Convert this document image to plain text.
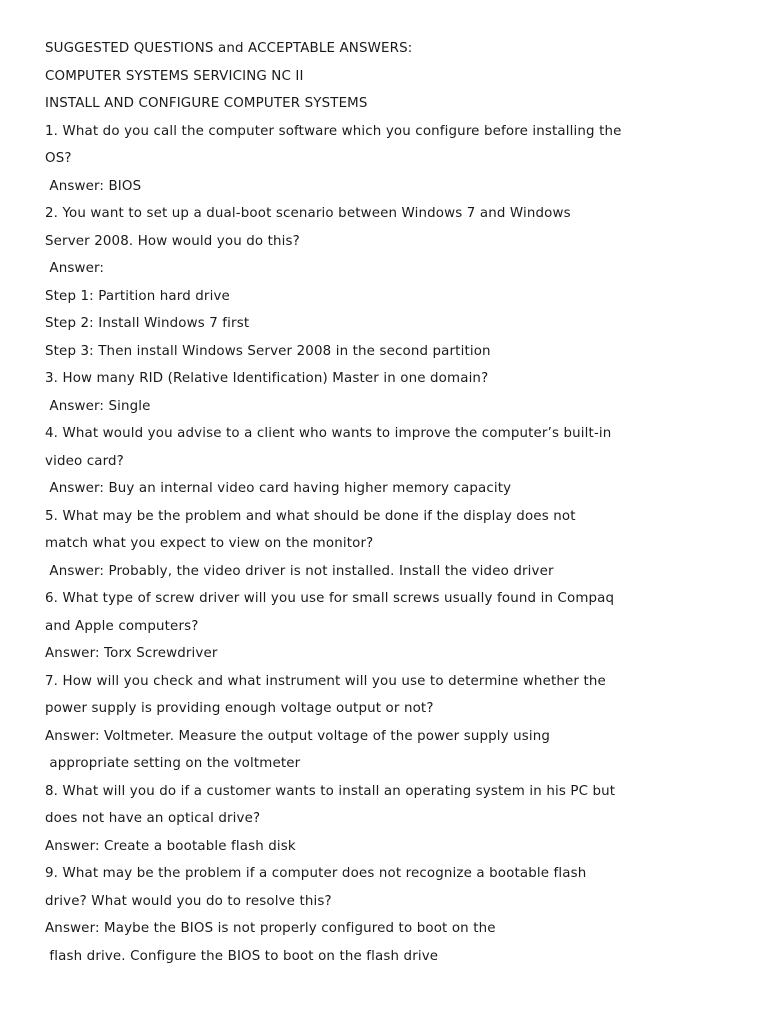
SUGGESTED QUESTIONS and ACCEPTABLE ANSWERS:
COMPUTER SYSTEMS SERVICING NC II
INSTALL AND CONFIGURE COMPUTER SYSTEMS
1. What do you call the computer software which you configure before installing the
OS?
Answer: BIOS
2. You want to set up a dual-boot scenario between Windows 7 and Windows
Server 2008. How would you do this?
Answer:
Step 1: Partition hard drive
Step 2: Install Windows 7 first
Step 3: Then install Windows Server 2008 in the second partition
3. How many RID (Relative Identification) Master in one domain?
Answer: Single
4. What would you advise to a client who wants to improve the computer’s built-in
video card?
Answer: Buy an internal video card having higher memory capacity
5. What may be the problem and what should be done if the display does not
match what you expect to view on the monitor?
Answer: Probably, the video driver is not installed. Install the video driver
6. What type of screw driver will you use for small screws usually found in Compaq
and Apple computers?
Answer: Torx Screwdriver
7. How will you check and what instrument will you use to determine whether the
power supply is providing enough voltage output or not?
Answer: Voltmeter. Measure the output voltage of the power supply using
appropriate setting on the voltmeter
8. What will you do if a customer wants to install an operating system in his PC but
does not have an optical drive?
Answer: Create a bootable flash disk
9. What may be the problem if a computer does not recognize a bootable flash
drive? What would you do to resolve this?
Answer: Maybe the BIOS is not properly configured to boot on the
flash drive. Configure the BIOS to boot on the flash drive
